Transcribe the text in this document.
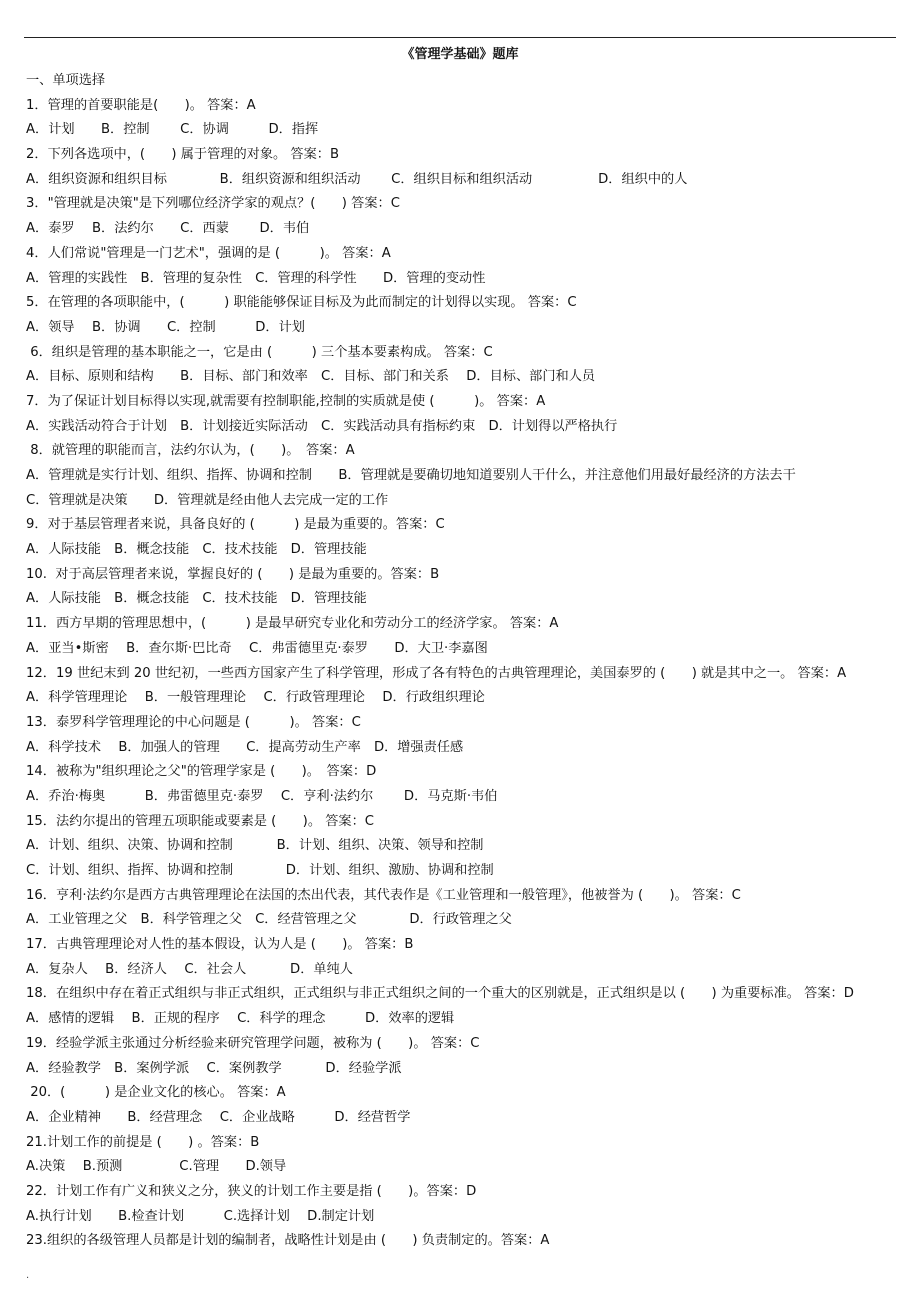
《管理学基础》题库
一、单项选择
1．管理的首要职能是(　　)。 答案：A
A．计划　　B．控制　　 C．协调　　　D．指挥
2．下列各选项中，(　　) 属于管理的对象。 答案：B
A．组织资源和组织目标　　　　B．组织资源和组织活动　　 C．组织目标和组织活动　　　　　D．组织中的人
3．"管理就是决策"是下列哪位经济学家的观点？(　　) 答案：C
A．泰罗　 B．法约尔　　C．西蒙　　 D．韦伯
4．人们常说"管理是一门艺术"，强调的是 (　　　)。 答案：A
A．管理的实践性　B．管理的复杂性　C．管理的科学性　　D．管理的变动性
5．在管理的各项职能中，(　　　) 职能能够保证目标及为此而制定的计划得以实现。 答案：C
A．领导　 B．协调　　C．控制　　　D．计划
6．组织是管理的基本职能之一，它是由 (　　　) 三个基本要素构成。 答案：C
A．目标、原则和结构　　B．目标、部门和效率　C．目标、部门和关系　 D．目标、部门和人员
7．为了保证计划目标得以实现,就需要有控制职能,控制的实质就是使 (　　　)。 答案：A
A．实践活动符合于计划　B．计划接近实际活动　C．实践活动具有指标约束　D．计划得以严格执行
8．就管理的职能而言，法约尔认为，(　　)。　答案：A
A．管理就是实行计划、组织、指挥、协调和控制　　B．管理就是要确切地知道要别人干什么，并注意他们用最好最经济的方法去干
C．管理就是决策　　D．管理就是经由他人去完成一定的工作
9．对于基层管理者来说，具备良好的 (　　　) 是最为重要的。答案：C
A．人际技能　B．概念技能　C．技术技能　D．管理技能
10.  对于高层管理者来说，掌握良好的 (　　) 是最为重要的。答案：B
A．人际技能　B．概念技能　C．技术技能　D．管理技能
11．西方早期的管理思想中，(　　　) 是最早研究专业化和劳动分工的经济学家。 答案：A
A．亚当•斯密　 B．查尔斯·巴比奇　 C．弗雷德里克·泰罗　　D．大卫·李嘉图
12．19 世纪末到 20 世纪初，一些西方国家产生了科学管理，形成了各有特色的古典管理理论，美国泰罗的 (　　) 就是其中之一。 答案：A
A．科学管理理论　 B．一般管理理论　 C．行政管理理论　 D．行政组织理论
13．泰罗科学管理理论的中心问题是 (　　　)。 答案：C
A．科学技术　 B．加强人的管理　　C．提高劳动生产率　D．增强责任感
14．被称为"组织理论之父"的管理学家是 (　　)。　答案：D
A．乔治·梅奥　　　B．弗雷德里克·泰罗　 C．亨利·法约尔　　 D．马克斯·韦伯
15．法约尔提出的管理五项职能或要素是 (　　)。 答案：C
A．计划、组织、决策、协调和控制　　　 B．计划、组织、决策、领导和控制
C．计划、组织、指挥、协调和控制　　　　D．计划、组织、激励、协调和控制
16．亨利·法约尔是西方古典管理理论在法国的杰出代表，其代表作是《工业管理和一般管理》，他被誉为 (　　)。 答案：C
A．工业管理之父　B．科学管理之父　C．经营管理之父　　　　D．行政管理之父
17．古典管理理论对人性的基本假设，认为人是 (　　)。 答案：B
A．复杂人　 B．经济人　 C．社会人　　　 D．单纯人
18．在组织中存在着正式组织与非正式组织，正式组织与非正式组织之间的一个重大的区别就是，正式组织是以 (　　) 为重要标准。 答案：D
A．感情的逻辑　 B．正规的程序　 C．科学的理念　　　D．效率的逻辑
19．经验学派主张通过分析经验来研究管理学问题，被称为 (　　)。 答案：C
A．经验教学　B．案例学派　 C．案例教学　　　 D．经验学派
20．(　　　) 是企业文化的核心。 答案：A
A．企业精神　　B．经营理念　 C．企业战略　　　D．经营哲学
21.计划工作的前提是 (　　) 。答案：B
A.决策　 B.预测　　　　 C.管理　　D.领导
22．计划工作有广义和狭义之分，狭义的计划工作主要是指 (　　)。答案：D
A.执行计划　　B.检查计划　　　C.选择计划　 D.制定计划
23.组织的各级管理人员都是计划的编制者，战略性计划是由 (　　) 负责制定的。答案：A
.
